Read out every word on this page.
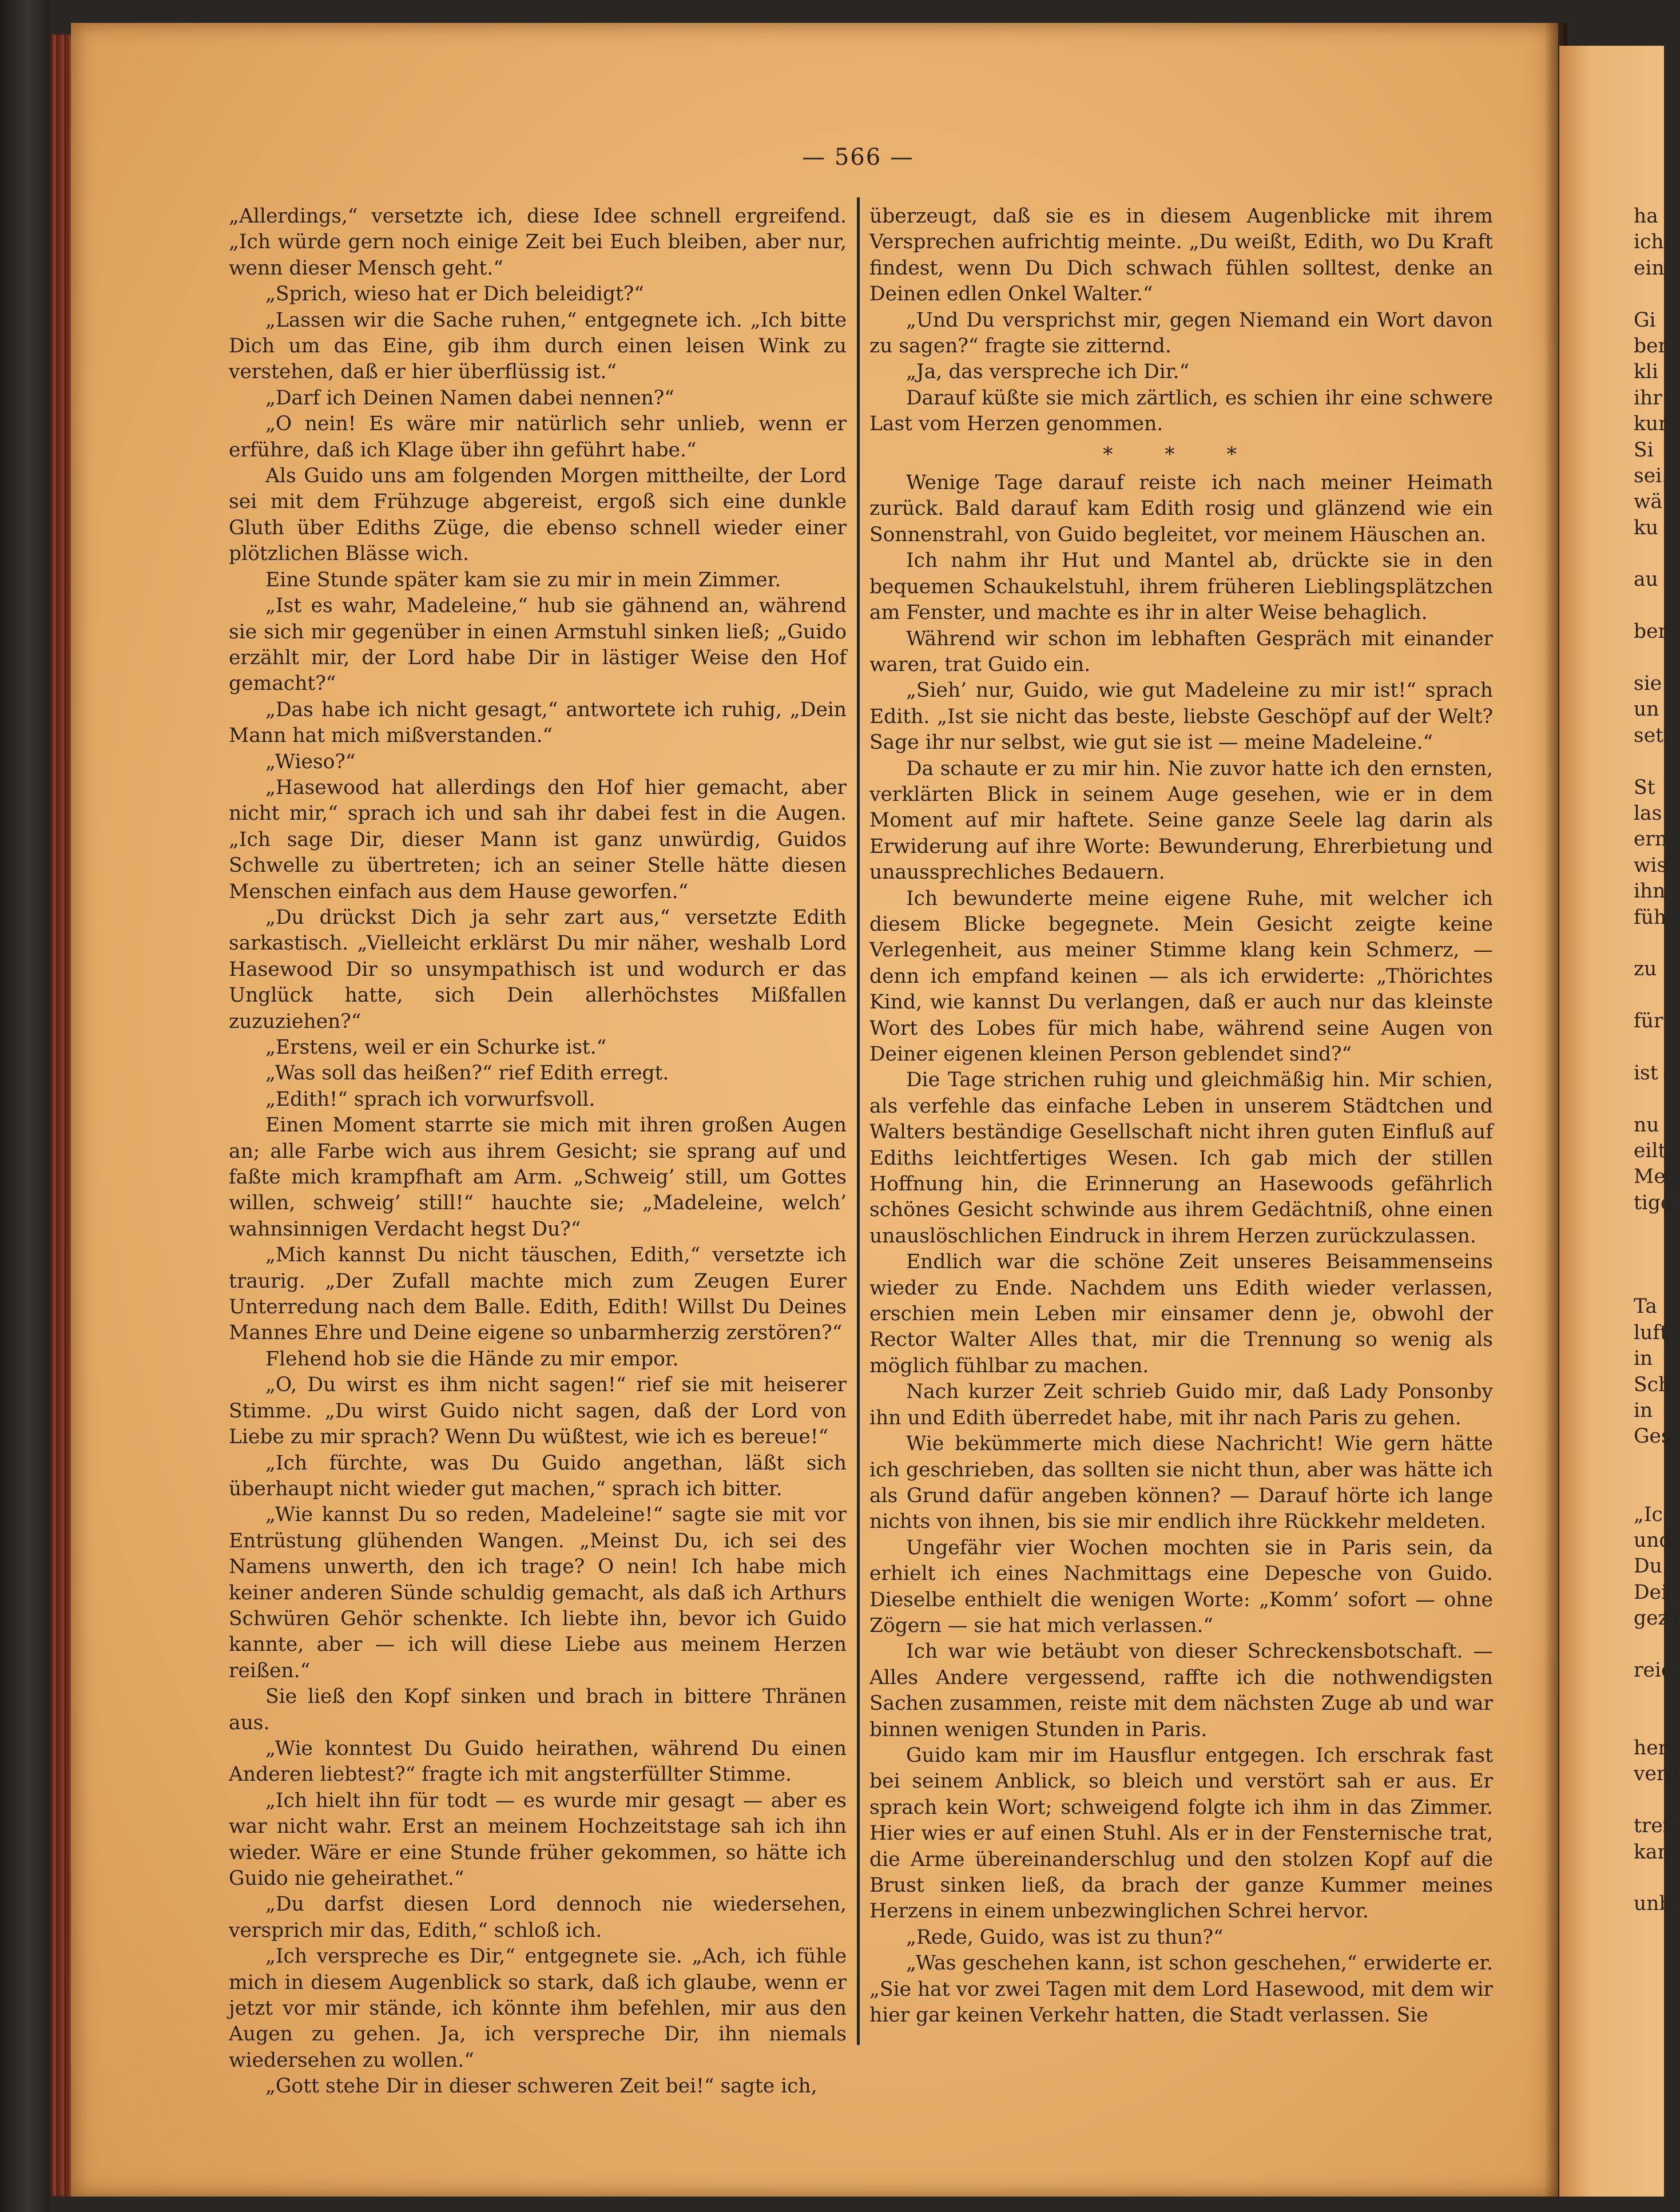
— 566 —

„Allerdings,“ versetzte ich, diese Idee schnell ergreifend. „Ich würde gern noch einige Zeit bei Euch bleiben, aber nur, wenn dieser Mensch geht.“

„Sprich, wieso hat er Dich beleidigt?“

„Lassen wir die Sache ruhen,“ entgegnete ich. „Ich bitte Dich um das Eine, gib ihm durch einen leisen Wink zu verstehen, daß er hier überflüssig ist.“

„Darf ich Deinen Namen dabei nennen?“

„O nein! Es wäre mir natürlich sehr unlieb, wenn er erführe, daß ich Klage über ihn geführt habe.“

Als Guido uns am folgenden Morgen mittheilte, der Lord sei mit dem Frühzuge abgereist, ergoß sich eine dunkle Gluth über Ediths Züge, die ebenso schnell wieder einer plötzlichen Blässe wich.

Eine Stunde später kam sie zu mir in mein Zimmer.

„Ist es wahr, Madeleine,“ hub sie gähnend an, während sie sich mir gegenüber in einen Armstuhl sinken ließ; „Guido erzählt mir, der Lord habe Dir in lästiger Weise den Hof gemacht?“

„Das habe ich nicht gesagt,“ antwortete ich ruhig, „Dein Mann hat mich mißverstanden.“

„Wieso?“

„Hasewood hat allerdings den Hof hier gemacht, aber nicht mir,“ sprach ich und sah ihr dabei fest in die Augen. „Ich sage Dir, dieser Mann ist ganz unwürdig, Guidos Schwelle zu übertreten; ich an seiner Stelle hätte diesen Menschen einfach aus dem Hause geworfen.“

„Du drückst Dich ja sehr zart aus,“ versetzte Edith sarkastisch. „Vielleicht erklärst Du mir näher, weshalb Lord Hasewood Dir so unsympathisch ist und wodurch er das Unglück hatte, sich Dein allerhöchstes Mißfallen zuzuziehen?“

„Erstens, weil er ein Schurke ist.“

„Was soll das heißen?“ rief Edith erregt.

„Edith!“ sprach ich vorwurfsvoll.

Einen Moment starrte sie mich mit ihren großen Augen an; alle Farbe wich aus ihrem Gesicht; sie sprang auf und faßte mich krampfhaft am Arm. „Schweig’ still, um Gottes willen, schweig’ still!“ hauchte sie; „Madeleine, welch’ wahnsinnigen Verdacht hegst Du?“

„Mich kannst Du nicht täuschen, Edith,“ versetzte ich traurig. „Der Zufall machte mich zum Zeugen Eurer Unterredung nach dem Balle. Edith, Edith! Willst Du Deines Mannes Ehre und Deine eigene so unbarmherzig zerstören?“

Flehend hob sie die Hände zu mir empor.

„O, Du wirst es ihm nicht sagen!“ rief sie mit heiserer Stimme. „Du wirst Guido nicht sagen, daß der Lord von Liebe zu mir sprach? Wenn Du wüßtest, wie ich es bereue!“

„Ich fürchte, was Du Guido angethan, läßt sich überhaupt nicht wieder gut machen,“ sprach ich bitter.

„Wie kannst Du so reden, Madeleine!“ sagte sie mit vor Entrüstung glühenden Wangen. „Meinst Du, ich sei des Namens unwerth, den ich trage? O nein! Ich habe mich keiner anderen Sünde schuldig gemacht, als daß ich Arthurs Schwüren Gehör schenkte. Ich liebte ihn, bevor ich Guido kannte, aber — ich will diese Liebe aus meinem Herzen reißen.“

Sie ließ den Kopf sinken und brach in bittere Thränen aus.

„Wie konntest Du Guido heirathen, während Du einen Anderen liebtest?“ fragte ich mit angsterfüllter Stimme.

„Ich hielt ihn für todt — es wurde mir gesagt — aber es war nicht wahr. Erst an meinem Hochzeitstage sah ich ihn wieder. Wäre er eine Stunde früher gekommen, so hätte ich Guido nie geheirathet.“

„Du darfst diesen Lord dennoch nie wiedersehen, versprich mir das, Edith,“ schloß ich.

„Ich verspreche es Dir,“ entgegnete sie. „Ach, ich fühle mich in diesem Augenblick so stark, daß ich glaube, wenn er jetzt vor mir stände, ich könnte ihm befehlen, mir aus den Augen zu gehen. Ja, ich verspreche Dir, ihn niemals wiedersehen zu wollen.“

„Gott stehe Dir in dieser schweren Zeit bei!“ sagte ich,

überzeugt, daß sie es in diesem Augenblicke mit ihrem Versprechen aufrichtig meinte. „Du weißt, Edith, wo Du Kraft findest, wenn Du Dich schwach fühlen solltest, denke an Deinen edlen Onkel Walter.“

„Und Du versprichst mir, gegen Niemand ein Wort davon zu sagen?“ fragte sie zitternd.

„Ja, das verspreche ich Dir.“

Darauf küßte sie mich zärtlich, es schien ihr eine schwere Last vom Herzen genommen.

* * *

Wenige Tage darauf reiste ich nach meiner Heimath zurück. Bald darauf kam Edith rosig und glänzend wie ein Sonnenstrahl, von Guido begleitet, vor meinem Häuschen an.

Ich nahm ihr Hut und Mantel ab, drückte sie in den bequemen Schaukelstuhl, ihrem früheren Lieblingsplätzchen am Fenster, und machte es ihr in alter Weise behaglich.

Während wir schon im lebhaften Gespräch mit einander waren, trat Guido ein.

„Sieh’ nur, Guido, wie gut Madeleine zu mir ist!“ sprach Edith. „Ist sie nicht das beste, liebste Geschöpf auf der Welt? Sage ihr nur selbst, wie gut sie ist — meine Madeleine.“

Da schaute er zu mir hin. Nie zuvor hatte ich den ernsten, verklärten Blick in seinem Auge gesehen, wie er in dem Moment auf mir haftete. Seine ganze Seele lag darin als Erwiderung auf ihre Worte: Bewunderung, Ehrerbietung und unaussprechliches Bedauern.

Ich bewunderte meine eigene Ruhe, mit welcher ich diesem Blicke begegnete. Mein Gesicht zeigte keine Verlegenheit, aus meiner Stimme klang kein Schmerz, — denn ich empfand keinen — als ich erwiderte: „Thörichtes Kind, wie kannst Du verlangen, daß er auch nur das kleinste Wort des Lobes für mich habe, während seine Augen von Deiner eigenen kleinen Person geblendet sind?“

Die Tage strichen ruhig und gleichmäßig hin. Mir schien, als verfehle das einfache Leben in unserem Städtchen und Walters beständige Gesellschaft nicht ihren guten Einfluß auf Ediths leichtfertiges Wesen. Ich gab mich der stillen Hoffnung hin, die Erinnerung an Hasewoods gefährlich schönes Gesicht schwinde aus ihrem Gedächtniß, ohne einen unauslöschlichen Eindruck in ihrem Herzen zurückzulassen.

Endlich war die schöne Zeit unseres Beisammenseins wieder zu Ende. Nachdem uns Edith wieder verlassen, erschien mein Leben mir einsamer denn je, obwohl der Rector Walter Alles that, mir die Trennung so wenig als möglich fühlbar zu machen.

Nach kurzer Zeit schrieb Guido mir, daß Lady Ponsonby ihn und Edith überredet habe, mit ihr nach Paris zu gehen.

Wie bekümmerte mich diese Nachricht! Wie gern hätte ich geschrieben, das sollten sie nicht thun, aber was hätte ich als Grund dafür angeben können? — Darauf hörte ich lange nichts von ihnen, bis sie mir endlich ihre Rückkehr meldeten.

Ungefähr vier Wochen mochten sie in Paris sein, da erhielt ich eines Nachmittags eine Depesche von Guido. Dieselbe enthielt die wenigen Worte: „Komm’ sofort — ohne Zögern — sie hat mich verlassen.“

Ich war wie betäubt von dieser Schreckensbotschaft. — Alles Andere vergessend, raffte ich die nothwendigsten Sachen zusammen, reiste mit dem nächsten Zuge ab und war binnen wenigen Stunden in Paris.

Guido kam mir im Hausflur entgegen. Ich erschrak fast bei seinem Anblick, so bleich und verstört sah er aus. Er sprach kein Wort; schweigend folgte ich ihm in das Zimmer. Hier wies er auf einen Stuhl. Als er in der Fensternische trat, die Arme übereinanderschlug und den stolzen Kopf auf die Brust sinken ließ, da brach der ganze Kummer meines Herzens in einem unbezwinglichen Schrei hervor.

„Rede, Guido, was ist zu thun?“

„Was geschehen kann, ist schon geschehen,“ erwiderte er. „Sie hat vor zwei Tagen mit dem Lord Hasewood, mit dem wir hier gar keinen Verkehr hatten, die Stadt verlassen. Sie

ha
ich
ein
Gi
ber
kli
ihr
kur
Si
sei.
wä
ku
au
ber
sie
un
set
St
las
ern
wis
ihn
füh
zu
für
ist
nu
eilt
Me
tige
Ta
luft
in
Sch
in
Ges
„Ic
und
Du
Dei
gezä
reic
her
verg
tref
kam
unb
